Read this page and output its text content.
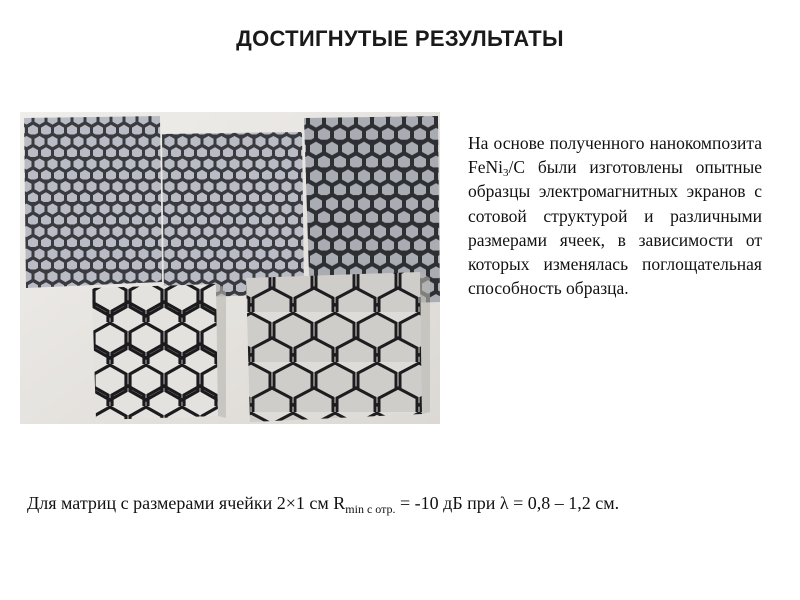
ДОСТИГНУТЫЕ РЕЗУЛЬТАТЫ
На основе полученного нанокомпозита FeNi$_3$/С были изготовлены опытные образцы электромагнитных экранов с сотовой структурой и различными размерами ячеек, в зависимости от которых изменялась поглощательная способность образца.
Для матриц с размерами ячейки 2×1 см $R_{min с отр.} = -10$ дБ при λ = 0,8 – 1,2 см.
